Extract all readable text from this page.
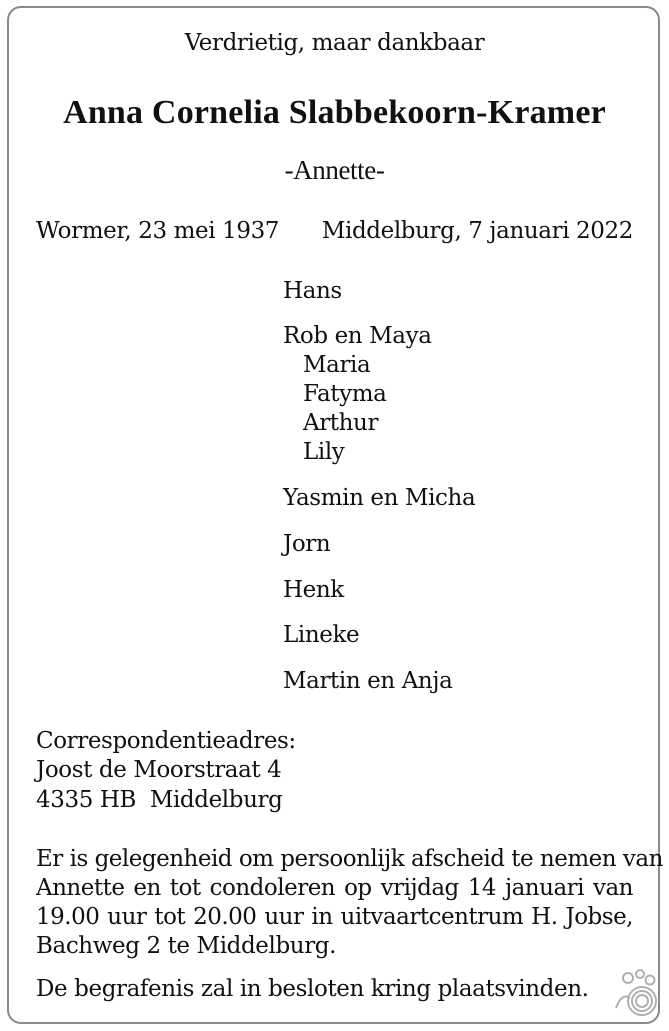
Verdrietig, maar dankbaar
Anna Cornelia Slabbekoorn-Kramer
-Annette-
Wormer, 23 mei 1937 Middelburg, 7 januari 2022
Hans
Rob en Maya
Maria
Fatyma
Arthur
Lily
Yasmin en Micha
Jorn
Henk
Lineke
Martin en Anja
Correspondentieadres:
Joost de Moorstraat 4
4335 HB  Middelburg
Er is gelegenheid om persoonlijk afscheid te nemen van
Annette en tot condoleren op vrijdag 14 januari van
19.00 uur tot 20.00 uur in uitvaartcentrum H. Jobse,
Bachweg 2 te Middelburg.
De begrafenis zal in besloten kring plaatsvinden.
